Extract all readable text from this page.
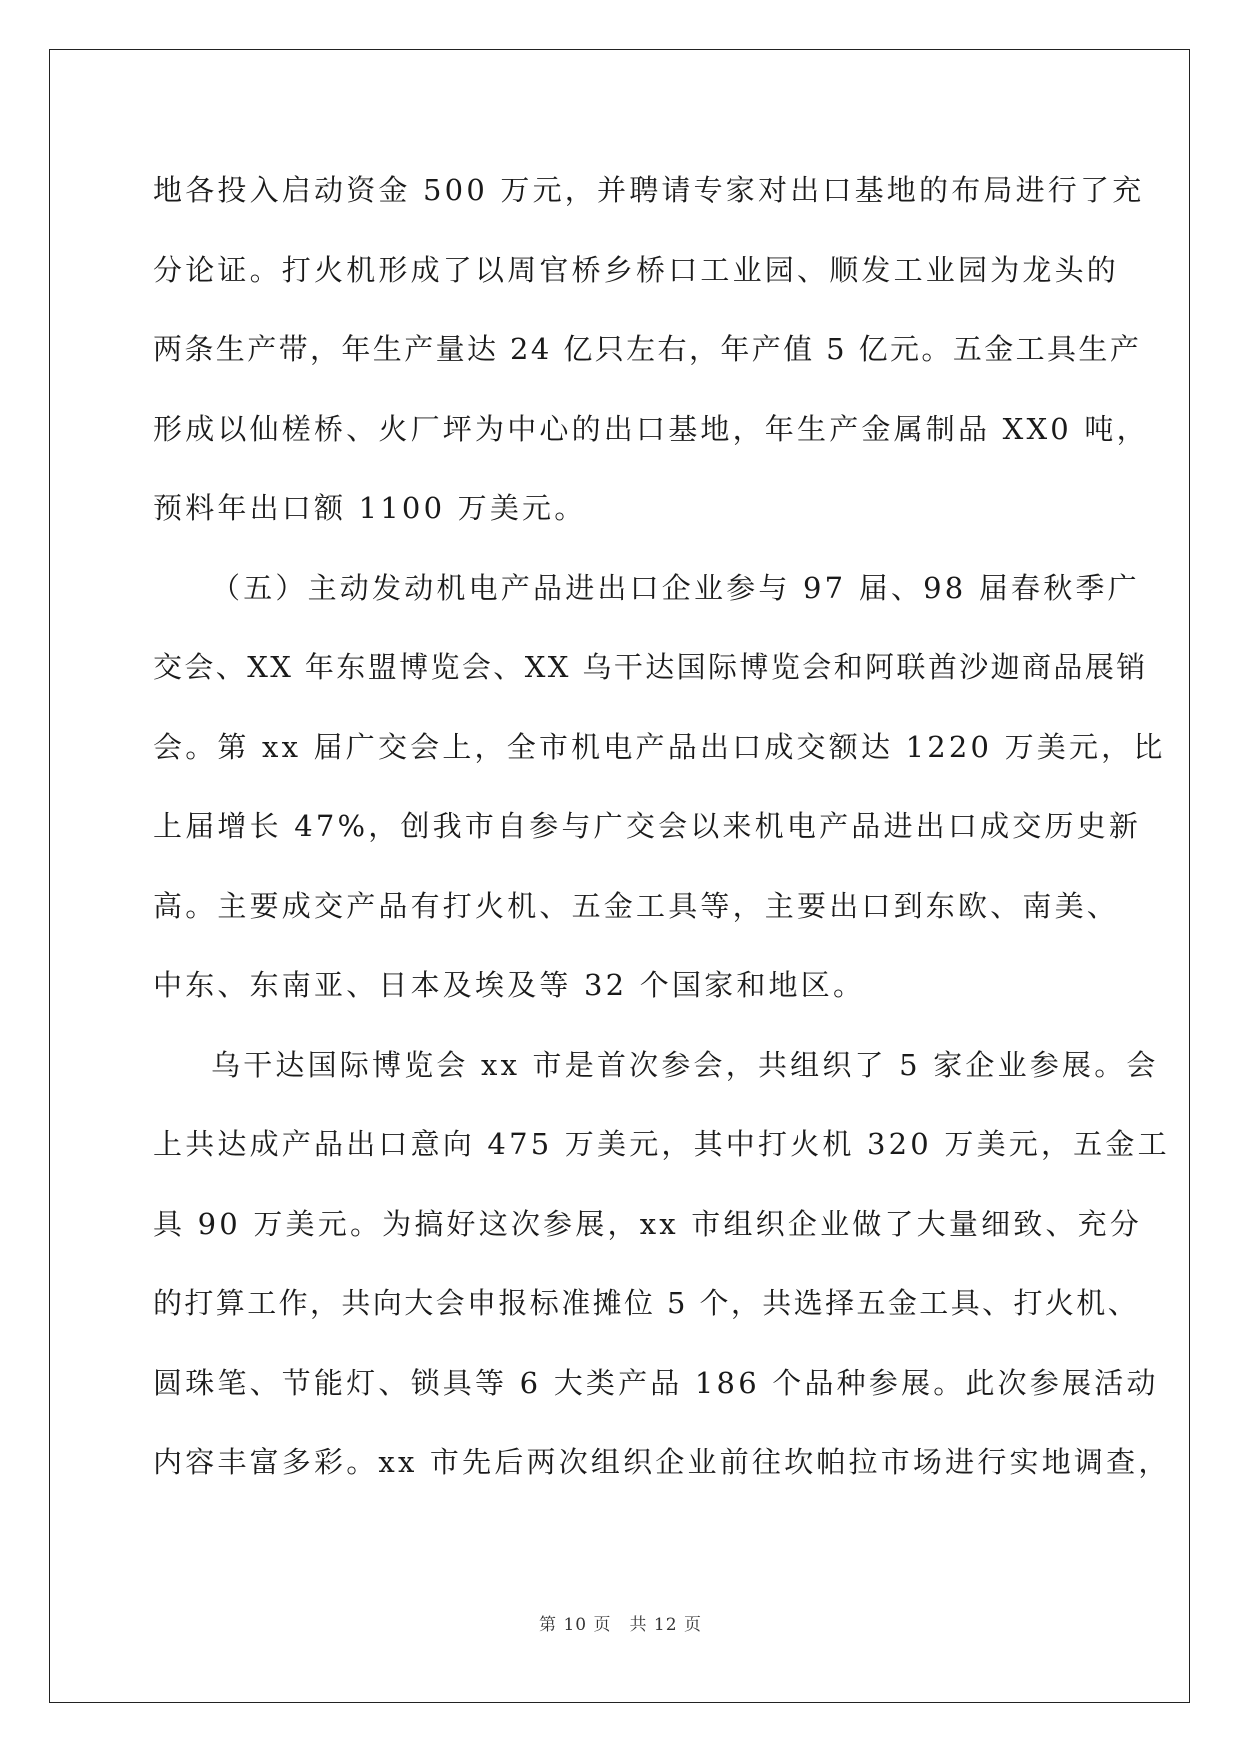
地各投入启动资金 500 万元，并聘请专家对出口基地的布局进行了充
分论证。打火机形成了以周官桥乡桥口工业园、顺发工业园为龙头的
两条生产带，年生产量达 24 亿只左右，年产值 5 亿元。五金工具生产
形成以仙槎桥、火厂坪为中心的出口基地，年生产金属制品 XX0 吨，
预料年出口额 1100 万美元。
（五）主动发动机电产品进出口企业参与 97 届、98 届春秋季广
交会、XX 年东盟博览会、XX 乌干达国际博览会和阿联酋沙迦商品展销
会。第 xx 届广交会上，全市机电产品出口成交额达 1220 万美元，比
上届增长 47%，创我市自参与广交会以来机电产品进出口成交历史新
高。主要成交产品有打火机、五金工具等，主要出口到东欧、南美、
中东、东南亚、日本及埃及等 32 个国家和地区。
乌干达国际博览会 xx 市是首次参会，共组织了 5 家企业参展。会
上共达成产品出口意向 475 万美元，其中打火机 320 万美元，五金工
具 90 万美元。为搞好这次参展，xx 市组织企业做了大量细致、充分
的打算工作，共向大会申报标准摊位 5 个，共选择五金工具、打火机、
圆珠笔、节能灯、锁具等 6 大类产品 186 个品种参展。此次参展活动
内容丰富多彩。xx 市先后两次组织企业前往坎帕拉市场进行实地调查，
第 10 页 共 12 页
